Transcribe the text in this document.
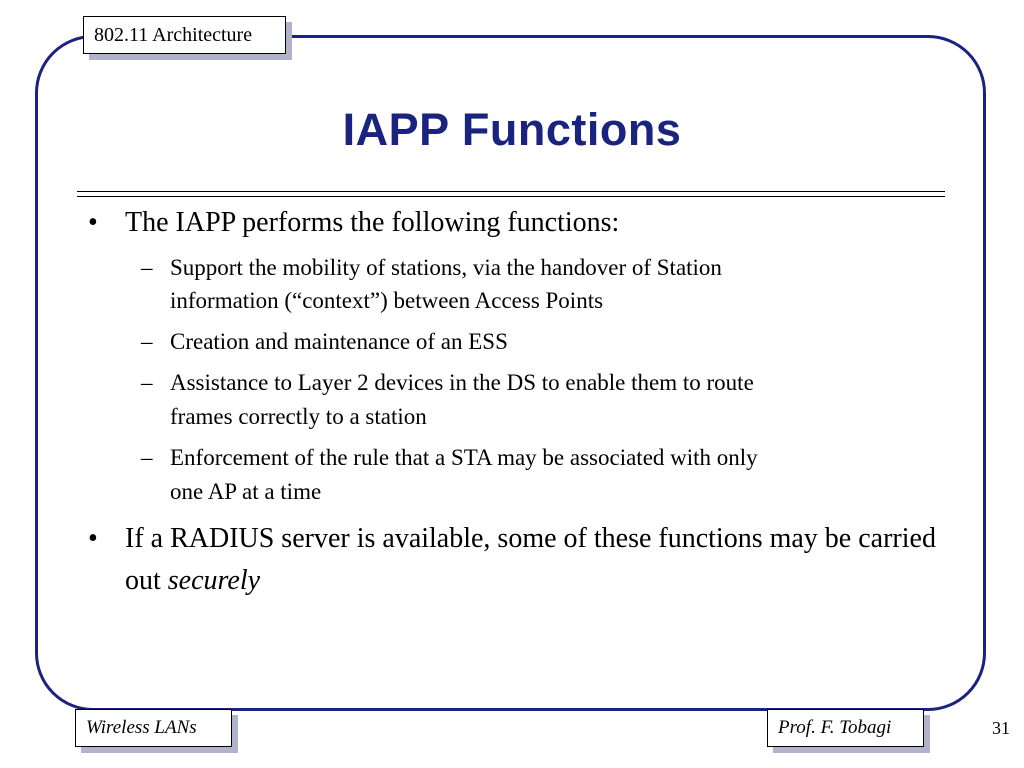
802.11 Architecture
IAPP Functions
• The IAPP performs the following functions:
– Support the mobility of stations, via the handover of Station
information (“context”) between Access Points
– Creation and maintenance of an ESS
– Assistance to Layer 2 devices in the DS to enable them to route
frames correctly to a station
– Enforcement of the rule that a STA may be associated with only
one AP at a time
• If a RADIUS server is available, some of these functions may be carried out securely
Wireless LANs	Prof. F. Tobagi	31
